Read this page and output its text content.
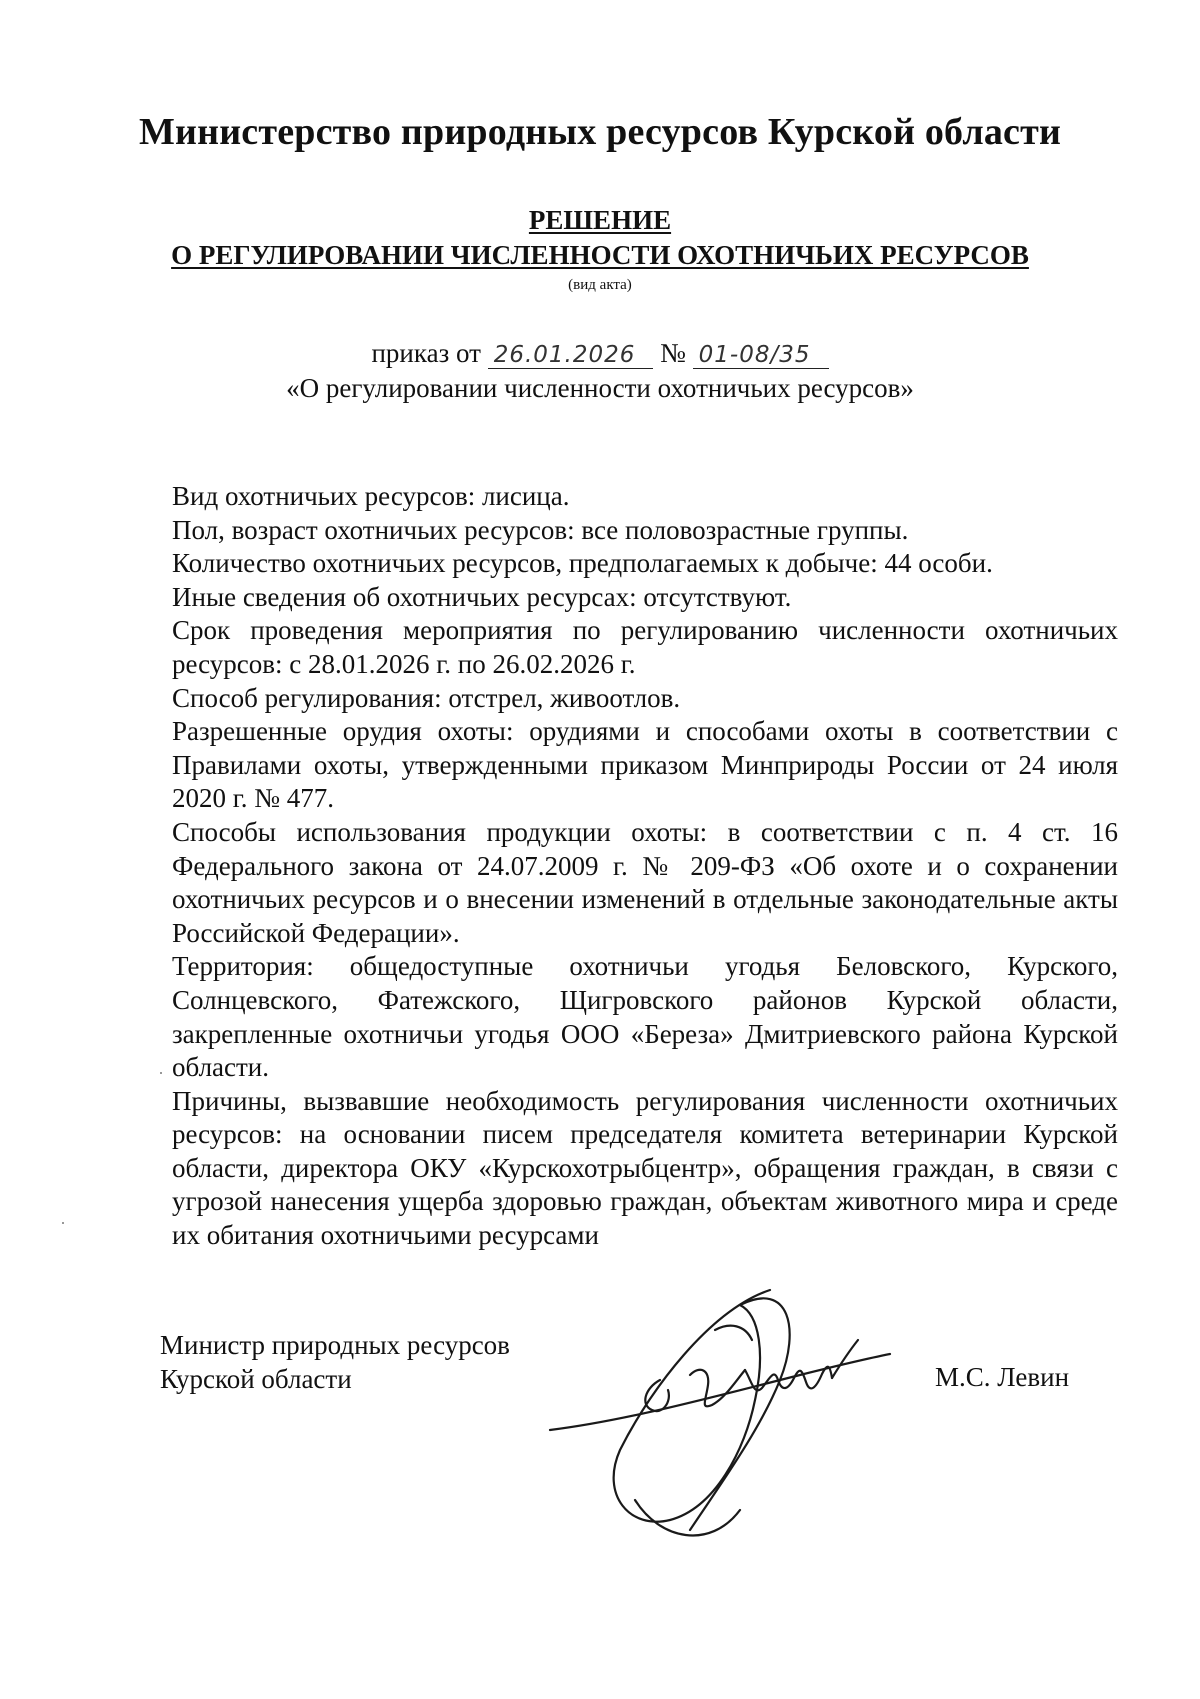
Министерство природных ресурсов Курской области
РЕШЕНИЕ
О РЕГУЛИРОВАНИИ ЧИСЛЕННОСТИ ОХОТНИЧЬИХ РЕСУРСОВ
(вид акта)
приказ от 26.01.2026 № 01-08/35
«О регулировании численности охотничьих ресурсов»

Вид охотничьих ресурсов: лисица.

Пол, возраст охотничьих ресурсов: все половозрастные группы.

Количество охотничьих ресурсов, предполагаемых к добыче: 44 особи.

Иные сведения об охотничьих ресурсах: отсутствуют.

Срок проведения мероприятия по регулированию численности охотничьих ресурсов: с 28.01.2026 г. по 26.02.2026 г.

Способ регулирования: отстрел, живоотлов.

Разрешенные орудия охоты: орудиями и способами охоты в соответствии с Правилами охоты, утвержденными приказом Минприроды России от 24 июля 2020 г. № 477.

Способы использования продукции охоты: в соответствии с п. 4 ст. 16 Федерального закона от 24.07.2009 г. № 209-ФЗ «Об охоте и о сохранении охотничьих ресурсов и о внесении изменений в отдельные законодательные акты Российской Федерации».

Территория: общедоступные охотничьи угодья Беловского, Курского, Солнцевского, Фатежского, Щигровского районов Курской области, закрепленные охотничьи угодья ООО «Береза» Дмитриевского района Курской области.

Причины, вызвавшие необходимость регулирования численности охотничьих ресурсов: на основании писем председателя комитета ветеринарии Курской области, директора ОКУ «Курскохотрыбцентр», обращения граждан, в связи с угрозой нанесения ущерба здоровью граждан, объектам животного мира и среде их обитания охотничьими ресурсами

Министр природных ресурсов
Курской области	М.С. Левин
